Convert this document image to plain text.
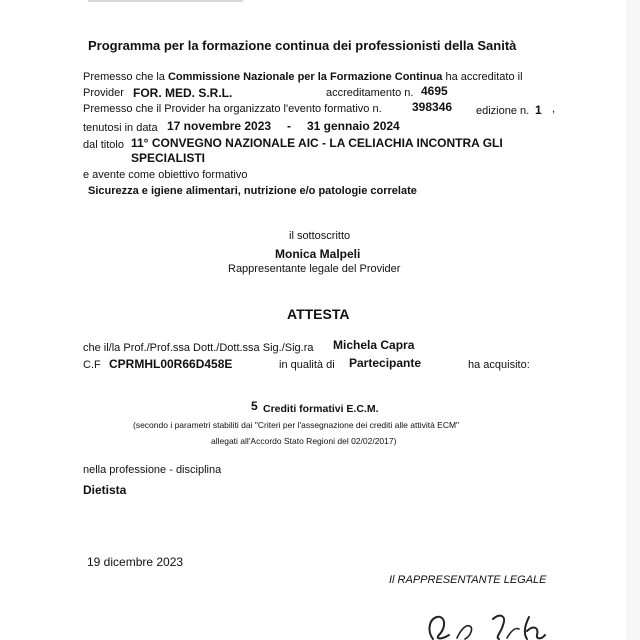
Programma per la formazione continua dei professionisti della Sanità
Premesso che la Commissione Nazionale per la Formazione Continua ha accreditato il
Provider FOR. MED. S.R.L.	accreditamento n. 4695
Premesso che il Provider ha organizzato l'evento formativo n.	398346 edizione n. 1 ,
tenutosi in data 17 novembre 2023 - 31 gennaio 2024
dal titolo 11° CONVEGNO NAZIONALE AIC - LA CELIACHIA INCONTRA GLI
SPECIALISTI
e avente come obiettivo formativo
Sicurezza e igiene alimentari, nutrizione e/o patologie correlate
il sottoscritto
Monica Malpeli
Rappresentante legale del Provider
ATTESTA
che il/la Prof./Prof.ssa Dott./Dott.ssa Sig./Sig.ra Michela Capra
C.F CPRMHL00R66D458E	in qualità di Partecipante	ha acquisito:
5 Crediti formativi E.C.M.
(secondo i parametri stabiliti dai "Criteri per l'assegnazione dei crediti alle attività ECM"
allegati all'Accordo Stato Regioni del 02/02/2017)
nella professione - disciplina
Dietista
19 dicembre 2023
Il RAPPRESENTANTE LEGALE
